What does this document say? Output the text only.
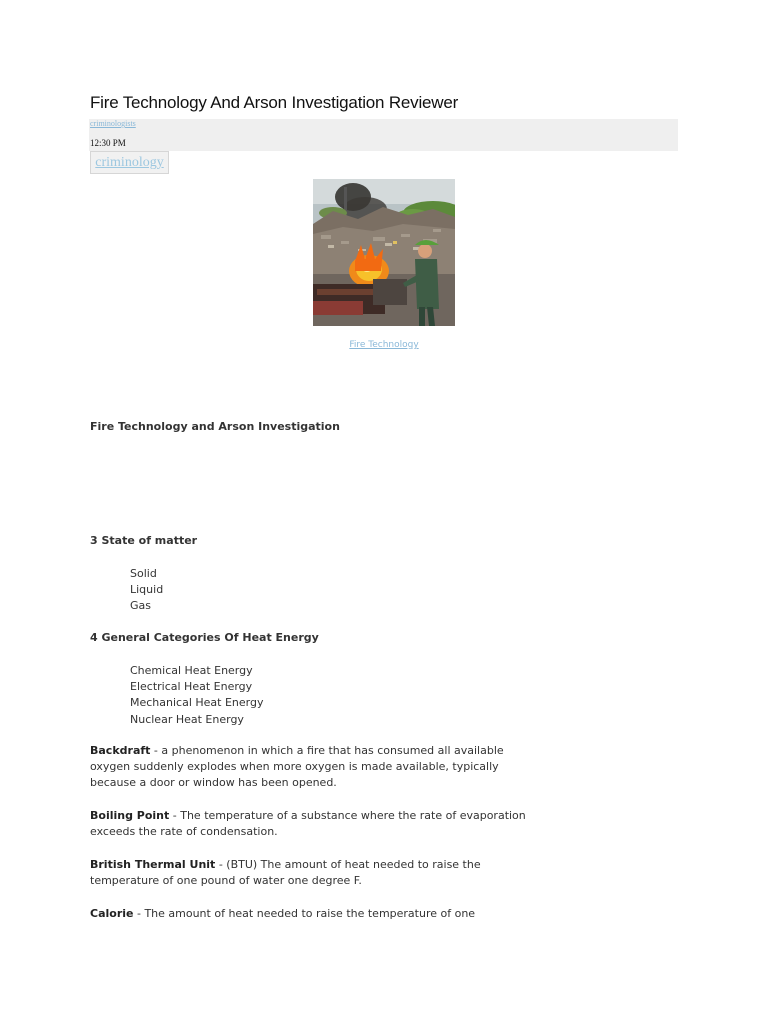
Fire Technology And Arson Investigation Reviewer
criminologists
12:30 PM
criminology
Fire Technology
Fire Technology and Arson Investigation
3 State of matter
Solid
Liquid
Gas
4 General Categories Of Heat Energy
Chemical Heat Energy
Electrical Heat Energy
Mechanical Heat Energy
Nuclear Heat Energy

Backdraft - a phenomenon in which a fire that has consumed all available oxygen suddenly explodes when more oxygen is made available, typically because a door or window has been opened.

Boiling Point - The temperature of a substance where the rate of evaporation exceeds the rate of condensation.

British Thermal Unit - (BTU) The amount of heat needed to raise the temperature of one pound of water one degree F.

Calorie - The amount of heat needed to raise the temperature of one
